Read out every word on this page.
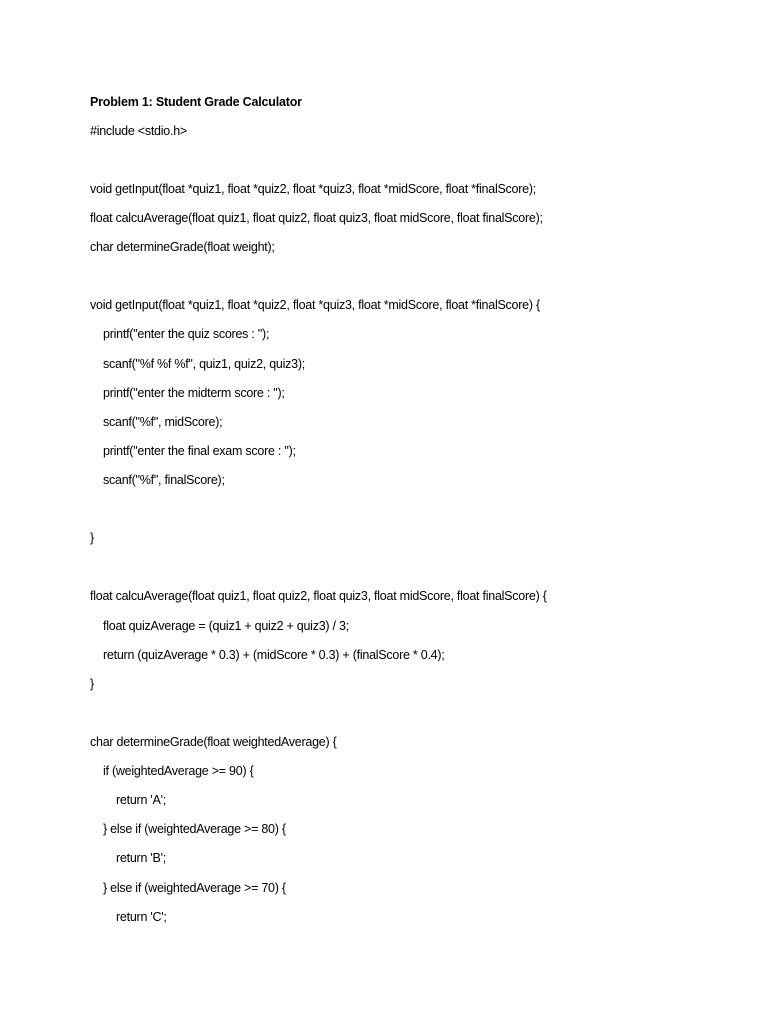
Problem 1: Student Grade Calculator
#include <stdio.h>
void getInput(float *quiz1, float *quiz2, float *quiz3, float *midScore, float *finalScore);
float calcuAverage(float quiz1, float quiz2, float quiz3, float midScore, float finalScore);
char determineGrade(float weight);
void getInput(float *quiz1, float *quiz2, float *quiz3, float *midScore, float *finalScore) {
printf("enter the quiz scores : ");
scanf("%f %f %f", quiz1, quiz2, quiz3);
printf("enter the midterm score : ");
scanf("%f", midScore);
printf("enter the final exam score : ");
scanf("%f", finalScore);
}
float calcuAverage(float quiz1, float quiz2, float quiz3, float midScore, float finalScore) {
float quizAverage = (quiz1 + quiz2 + quiz3) / 3;
return (quizAverage * 0.3) + (midScore * 0.3) + (finalScore * 0.4);
}
char determineGrade(float weightedAverage) {
if (weightedAverage >= 90) {
return 'A';
} else if (weightedAverage >= 80) {
return 'B';
} else if (weightedAverage >= 70) {
return 'C';
